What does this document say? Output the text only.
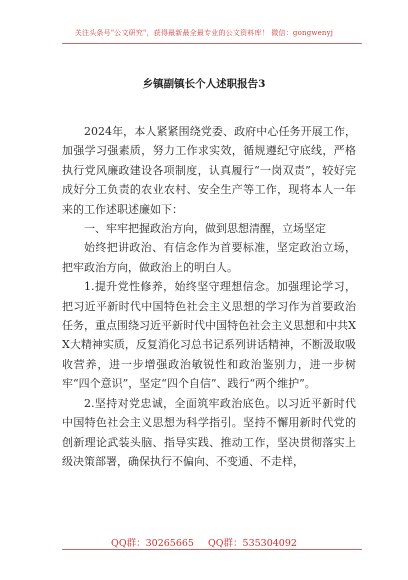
关注头条号"公文研究"，获得最新最全最专业的公文资料库！ 微信：gongwenyj
乡镇副镇长个人述职报告3

2024年，本人紧紧围绕党委、政府中心任务开展工作，加强学习强素质，努力工作求实效，循规遵纪守底线，严格执行党风廉政建设各项制度，认真履行“一岗双责”，较好完成好分工负责的农业农村、安全生产等工作，现将本人一年来的工作述职述廉如下：

一、牢牢把握政治方向，做到思想清醒，立场坚定

始终把讲政治、有信念作为首要标准，坚定政治立场，把牢政治方向，做政治上的明白人。

1.提升党性修养，始终坚守理想信念。加强理论学习，把习近平新时代中国特色社会主义思想的学习作为首要政治任务，重点围绕习近平新时代中国特色社会主义思想和中共XX大精神实质，反复消化习总书记系列讲话精神，不断汲取吸收营养，进一步增强政治敏锐性和政治鉴别力，进一步树牢“四个意识”，坚定“四个自信”、践行“两个维护”。

2.坚持对党忠诚，全面筑牢政治底色。以习近平新时代中国特色社会主义思想为科学指引。坚持不懈用新时代党的创新理论武装头脑、指导实践、推动工作，坚决贯彻落实上级决策部署，确保执行不偏向、不变通、不走样，

QQ群：30265665 QQ群：535304092
